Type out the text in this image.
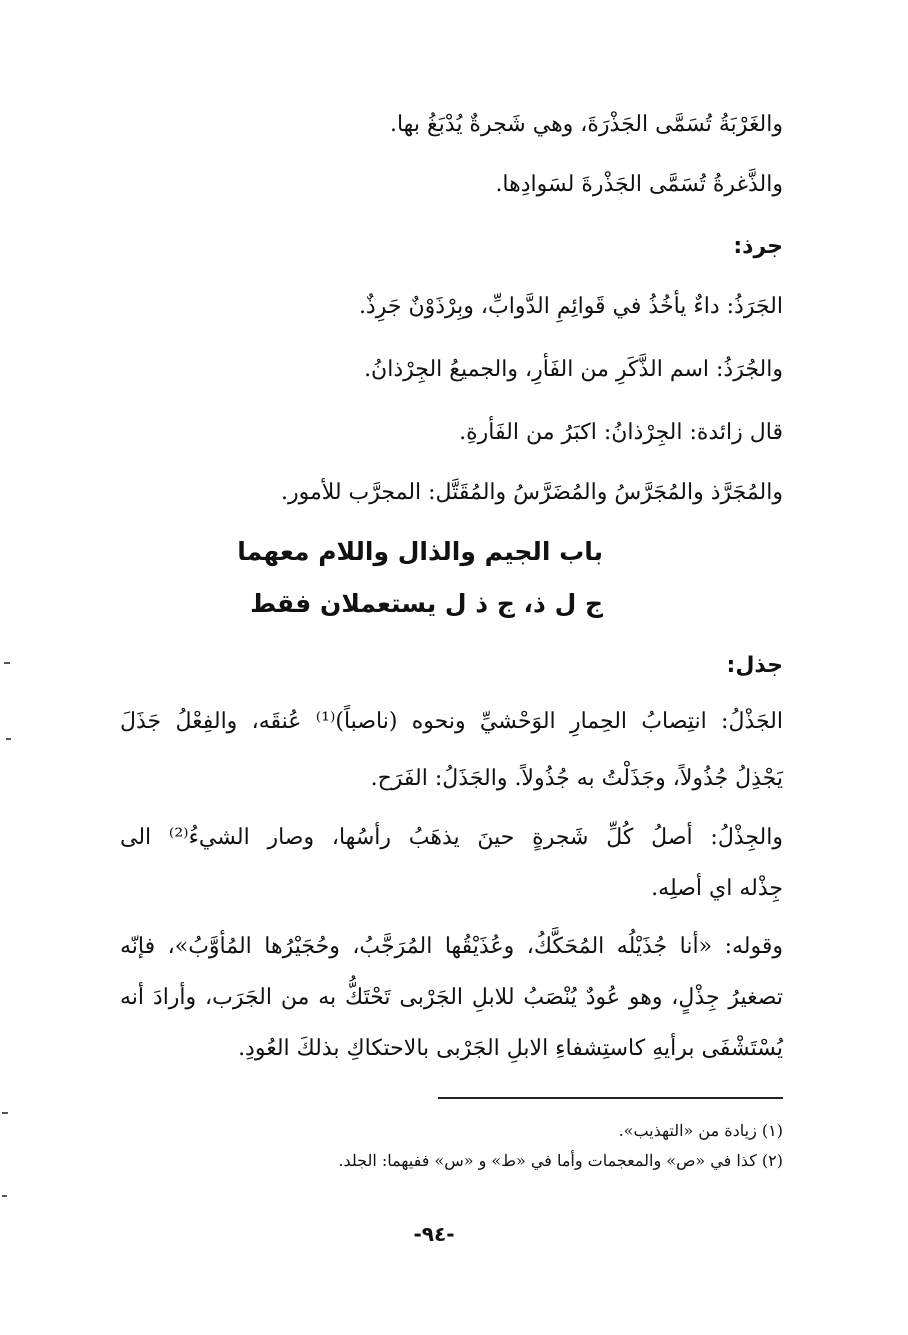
والغَرْبَةُ تُسَمَّى الجَذْرَةَ، وهي شَجرةٌ يُدْبَغُ بها.
والذَّغرةُ تُسَمَّى الجَذْرةَ لسَوادِها.
جرذ:
الجَرَذُ: داءٌ يأخُذُ في قَوائِمِ الدَّوابِّ، وبِرْذَوْنٌ جَرِذٌ.
والجُرَذُ: اسم الذَّكَرِ من الفَأرِ، والجميعُ الجِرْذانُ.
قال زائدة: الجِرْذانُ: اكبَرُ من الفَأرةِ.
والمُجَرَّذ والمُجَرَّسُ والمُضَرَّسُ والمُقَتَّل: المجرَّب للأمور.
باب الجيم والذال واللام معهما
ج ل ذ، ج ذ ل يستعملان فقط
جذل:
الجَذْلُ: انتِصابُ الحِمارِ الوَحْشيِّ ونحوه (ناصباً)⁽¹⁾ عُنقَه، والفِعْلُ جَذَلَ
يَجْذِلُ جُذُولاً، وجَذَلْتُ به جُذُولاً. والجَذَلُ: الفَرَح.
والجِذْلُ: أصلُ كُلِّ شَجرةٍ حينَ يذهَبُ رأسُها، وصار الشيءُ⁽²⁾ الى
جِذْله اي أصلِه.
وقوله: «أنا جُذَيْلُه المُحَكَّكُ، وعُذَيْقُها المُرَجَّبُ، وحُجَيْرُها المُأوَّبُ»، فإنّه
تصغيرُ جِذْلٍ، وهو عُودٌ يُنْصَبُ للابلِ الجَرْبى تَحْتَكُّ به من الجَرَب، وأرادَ أنه
يُسْتَشْفَى برأيهِ كاستِشفاءِ الابلِ الجَرْبى بالاحتكاكِ بذلكَ العُودِ.
(١) زيادة من «التهذيب».
(٢) كذا في «ص» والمعجمات وأما في «ط» و «س» ففيهما: الجلد.
-٩٤-
